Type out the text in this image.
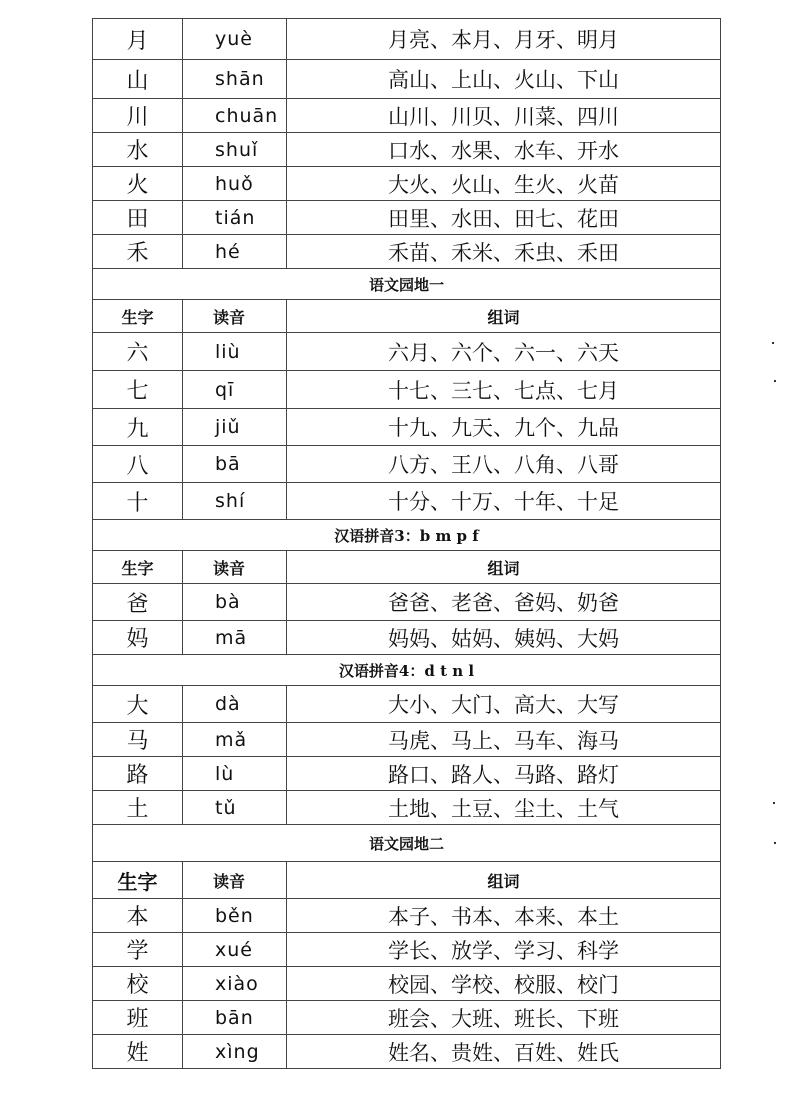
月	yuè	月亮、本月、月牙、明月
山	shān	高山、上山、火山、下山
川	chuān	山川、川贝、川菜、四川
水	shuǐ	口水、水果、水车、开水
火	huǒ	大火、火山、生火、火苗
田	tián	田里、水田、田七、花田
禾	hé	禾苗、禾米、禾虫、禾田
语文园地一		
生字	读音	组词
六	liù	六月、六个、六一、六天
七	qī	十七、三七、七点、七月
九	jiǔ	十九、九天、九个、九品
八	bā	八方、王八、八角、八哥
十	shí	十分、十万、十年、十足
汉语拼音3：b m p f		
生字	读音	组词
爸	bà	爸爸、老爸、爸妈、奶爸
妈	mā	妈妈、姑妈、姨妈、大妈
汉语拼音4：d t n l		
大	dà	大小、大门、高大、大写
马	mǎ	马虎、马上、马车、海马
路	lù	路口、路人、马路、路灯
土	tǔ	土地、土豆、尘土、土气
语文园地二		
生字	读音	组词
本	běn	本子、书本、本来、本土
学	xué	学长、放学、学习、科学
校	xiào	校园、学校、校服、校门
班	bān	班会、大班、班长、下班
姓	xìng	姓名、贵姓、百姓、姓氏
